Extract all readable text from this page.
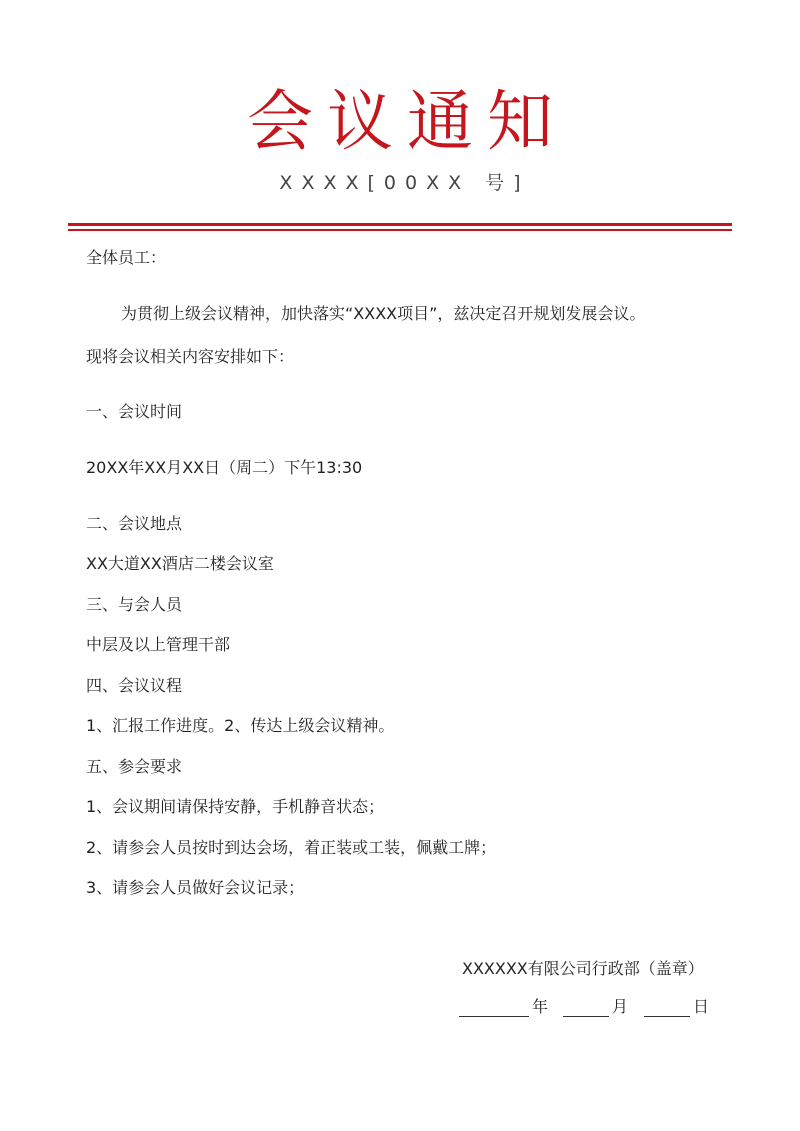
会议通知
XXXX[00XX 号]
全体员工：
为贯彻上级会议精神，加快落实“XXXX项目”，兹决定召开规划发展会议。
现将会议相关内容安排如下：
一、会议时间
20XX年XX月XX日（周二）下午13:30
二、会议地点
XX大道XX酒店二楼会议室
三、与会人员
中层及以上管理干部
四、会议议程
1、汇报工作进度。2、传达上级会议精神。
五、参会要求
1、会议期间请保持安静，手机静音状态；
2、请参会人员按时到达会场，着正装或工装，佩戴工牌；
3、请参会人员做好会议记录；
XXXXXX有限公司行政部（盖章）
年	月	日
